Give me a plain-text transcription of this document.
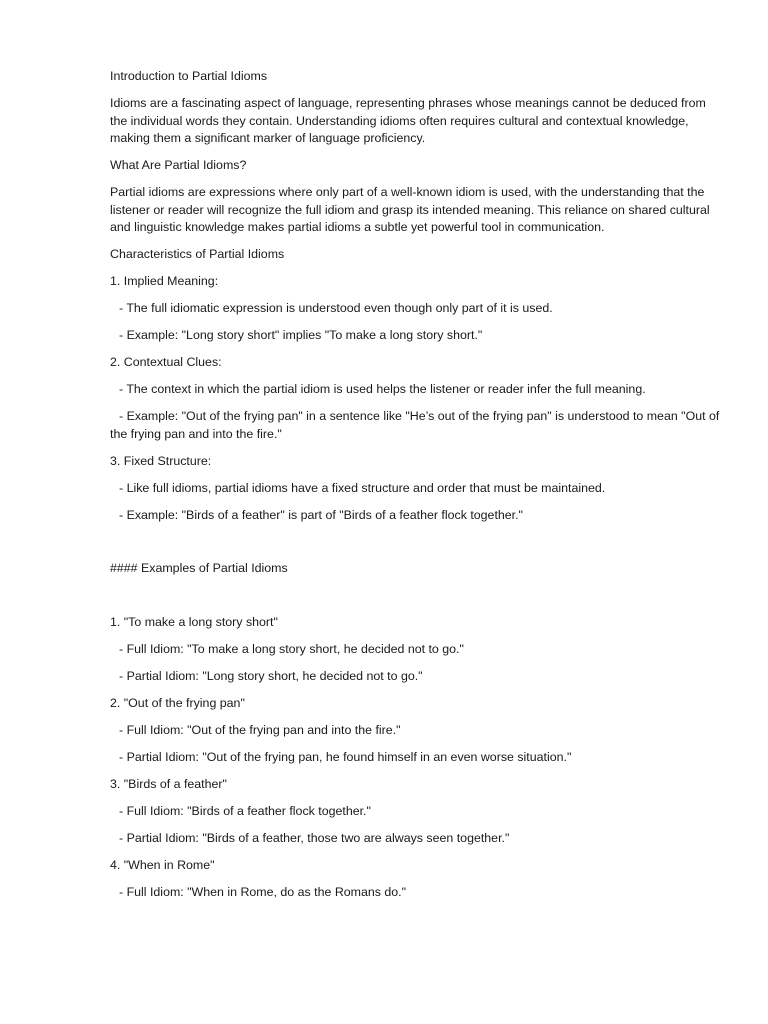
Introduction to Partial Idioms

Idioms are a fascinating aspect of language, representing phrases whose meanings cannot be deduced from the individual words they contain. Understanding idioms often requires cultural and contextual knowledge, making them a significant marker of language proficiency.

What Are Partial Idioms?

Partial idioms are expressions where only part of a well-known idiom is used, with the understanding that the listener or reader will recognize the full idiom and grasp its intended meaning. This reliance on shared cultural and linguistic knowledge makes partial idioms a subtle yet powerful tool in communication.

Characteristics of Partial Idioms

1. Implied Meaning:

- The full idiomatic expression is understood even though only part of it is used.

- Example: "Long story short" implies "To make a long story short."

2. Contextual Clues:

- The context in which the partial idiom is used helps the listener or reader infer the full meaning.

- Example: "Out of the frying pan" in a sentence like "He’s out of the frying pan" is understood to mean "Out of the frying pan and into the fire."

3. Fixed Structure:

- Like full idioms, partial idioms have a fixed structure and order that must be maintained.

- Example: "Birds of a feather" is part of "Birds of a feather flock together."

#### Examples of Partial Idioms

1. "To make a long story short"

- Full Idiom: "To make a long story short, he decided not to go."

- Partial Idiom: "Long story short, he decided not to go."

2. "Out of the frying pan"

- Full Idiom: "Out of the frying pan and into the fire."

- Partial Idiom: "Out of the frying pan, he found himself in an even worse situation."

3. "Birds of a feather"

- Full Idiom: "Birds of a feather flock together."

- Partial Idiom: "Birds of a feather, those two are always seen together."

4. "When in Rome"

- Full Idiom: "When in Rome, do as the Romans do."
